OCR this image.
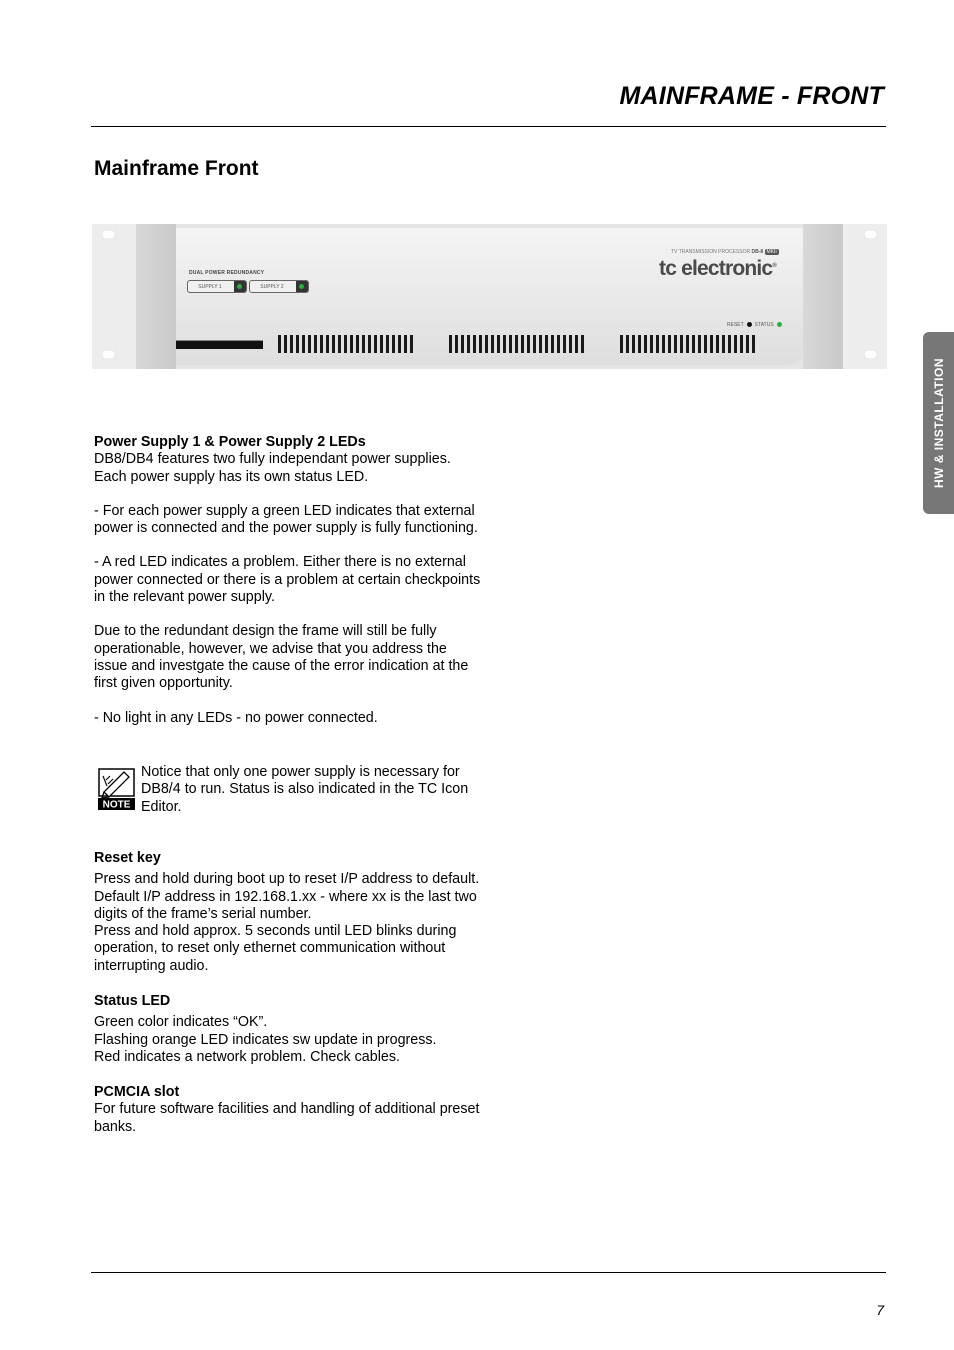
MAINFRAME - FRONT
Mainframe Front
DUAL POWER REDUNDANCY
SUPPLY 1	SUPPLY 2
TV TRANSMISSION PROCESSOR DB-8 MKII
tc electronic®
RESET STATUS

Power Supply 1 & Power Supply 2 LEDs

DB8/DB4 features two fully independant power supplies. Each power supply has its own status LED.

- For each power supply a green LED indicates that external power is connected and the power supply is fully functioning.

- A red LED indicates a problem. Either there is no external power connected or there is a problem at certain checkpoints in the relevant power supply.

Due to the redundant design the frame will still be fully operationable, however, we advise that you address the issue and investgate the cause of the error indication at the first given opportunity.

- No light in any LEDs - no power connected.

NOTE
Notice that only one power supply is necessary for DB8/4 to run. Status is also indicated in the TC Icon Editor.

Reset key

Press and hold during boot up to reset I/P address to default. Default I/P address in 192.168.1.xx - where xx is the last two digits of the frame’s serial number.

Press and hold approx. 5 seconds until LED blinks during operation, to reset only ethernet communication without interrupting audio.

Status LED

Green color indicates “OK”.

Flashing orange LED indicates sw update in progress.

Red indicates a network problem. Check cables.

PCMCIA slot

For future software facilities and handling of additional preset banks.

HW & INSTALLATION
7
